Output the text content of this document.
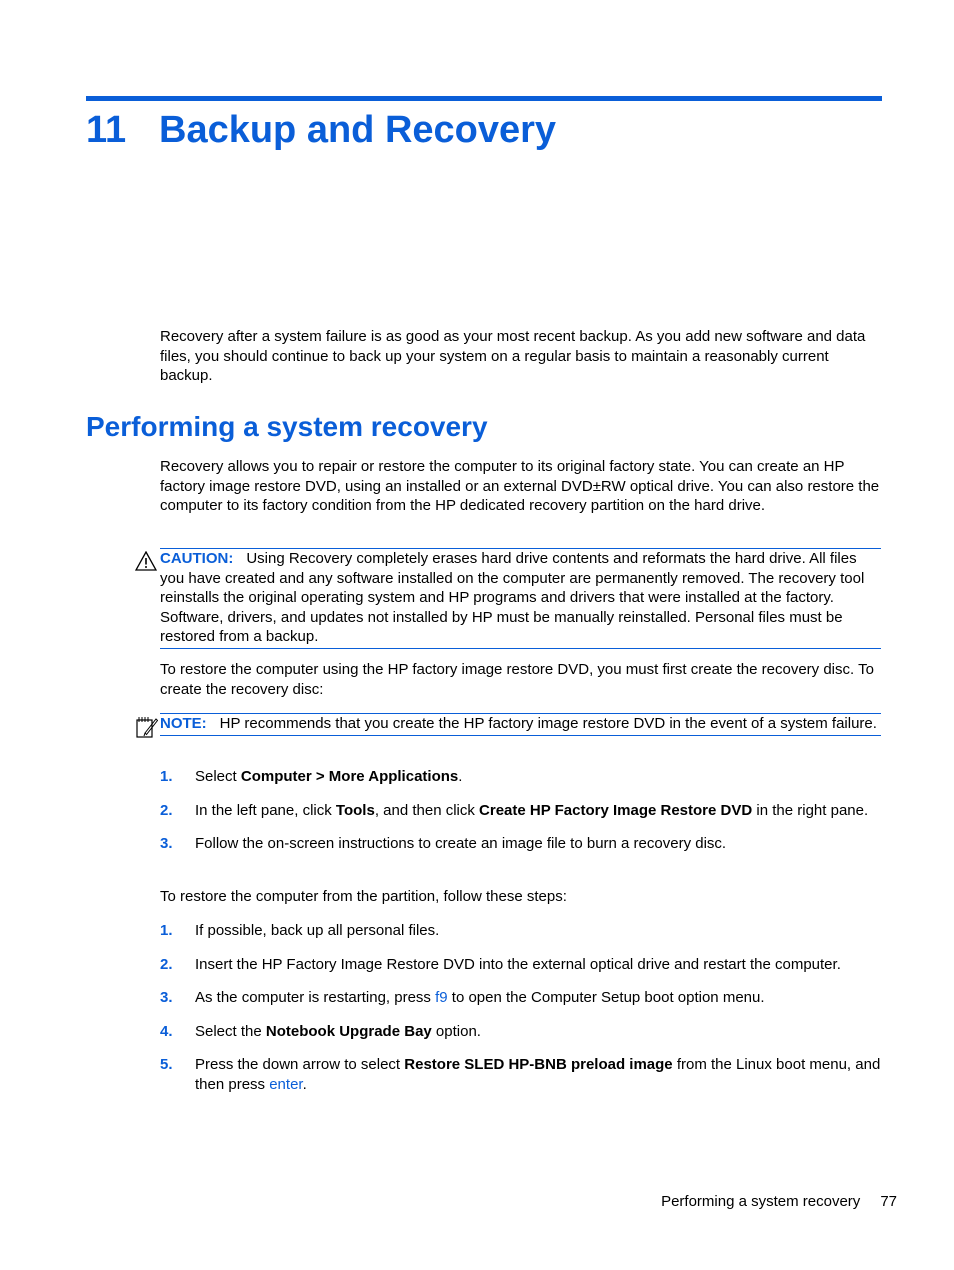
11 Backup and Recovery

Recovery after a system failure is as good as your most recent backup. As you add new software and data files, you should continue to back up your system on a regular basis to maintain a reasonably current backup.

Performing a system recovery

Recovery allows you to repair or restore the computer to its original factory state. You can create an HP factory image restore DVD, using an installed or an external DVD±RW optical drive. You can also restore the computer to its factory condition from the HP dedicated recovery partition on the hard drive.

CAUTION: Using Recovery completely erases hard drive contents and reformats the hard drive. All files you have created and any software installed on the computer are permanently removed. The recovery tool reinstalls the original operating system and HP programs and drivers that were installed at the factory. Software, drivers, and updates not installed by HP must be manually reinstalled. Personal files must be restored from a backup.

To restore the computer using the HP factory image restore DVD, you must first create the recovery disc. To create the recovery disc:

NOTE: HP recommends that you create the HP factory image restore DVD in the event of a system failure.
1. Select Computer > More Applications.
2. In the left pane, click Tools, and then click Create HP Factory Image Restore DVD in the right pane.
3. Follow the on-screen instructions to create an image file to burn a recovery disc.

To restore the computer from the partition, follow these steps:

1. If possible, back up all personal files.
2. Insert the HP Factory Image Restore DVD into the external optical drive and restart the computer.
3. As the computer is restarting, press f9 to open the Computer Setup boot option menu.
4. Select the Notebook Upgrade Bay option.
5. Press the down arrow to select Restore SLED HP-BNB preload image from the Linux boot menu, and then press enter.
Performing a system recovery 77
